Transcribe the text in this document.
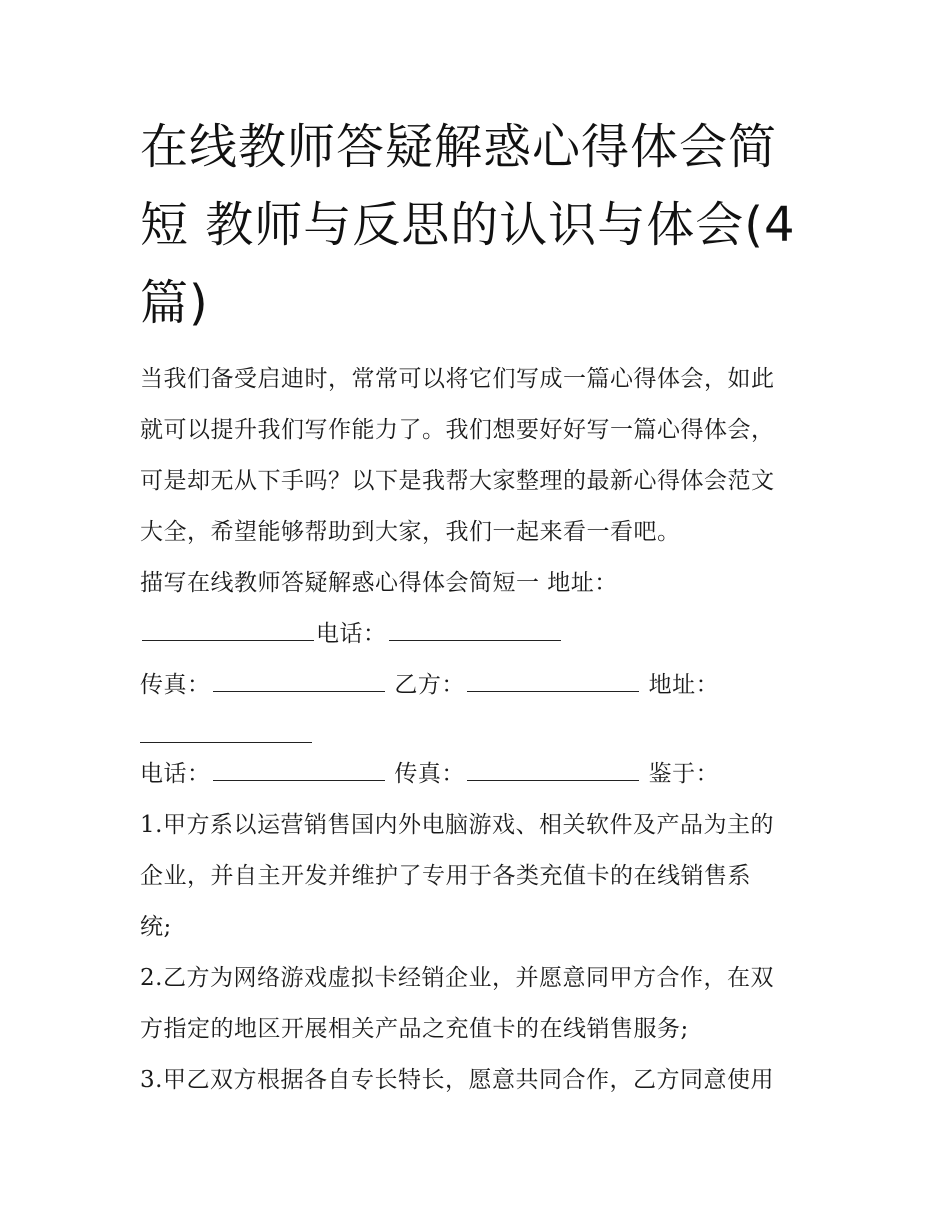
在线教师答疑解惑心得体会简
短 教师与反思的认识与体会(4
篇)
当我们备受启迪时，常常可以将它们写成一篇心得体会，如此
就可以提升我们写作能力了。我们想要好好写一篇心得体会，
可是却无从下手吗？以下是我帮大家整理的最新心得体会范文
大全，希望能够帮助到大家，我们一起来看一看吧。
描写在线教师答疑解惑心得体会简短一 地址：
电话：
传真：	乙方：	地址：
电话：	传真：	鉴于：
1.甲方系以运营销售国内外电脑游戏、相关软件及产品为主的
企业，并自主开发并维护了专用于各类充值卡的在线销售系
统;
2.乙方为网络游戏虚拟卡经销企业，并愿意同甲方合作，在双
方指定的地区开展相关产品之充值卡的在线销售服务;
3.甲乙双方根据各自专长特长，愿意共同合作，乙方同意使用
